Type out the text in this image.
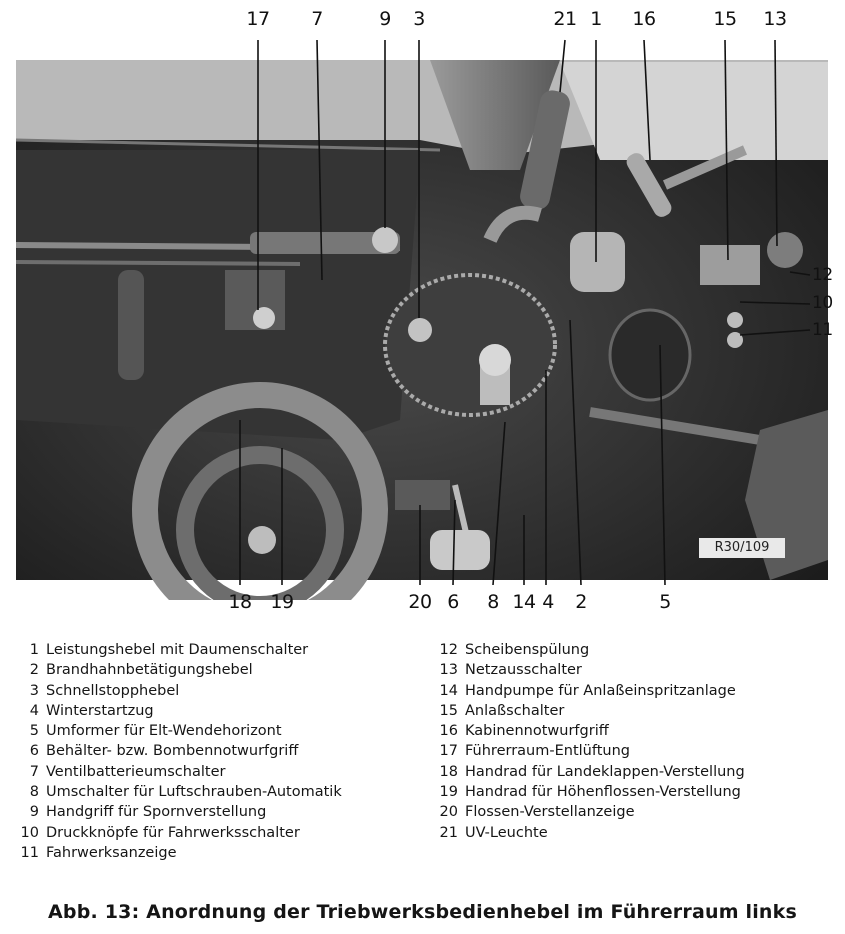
R30/109
17 7	9 3	21 1 16	15 13
12
10
11
18 19	20 6 8 14 4 2	5
1 Leistungshebel mit Daumenschalter
2 Brandhahnbetätigungshebel
3 Schnellstopphebel
4 Winterstartzug
5 Umformer für Elt-Wendehorizont
6 Behälter- bzw. Bombennotwurfgriff
7 Ventilbatterieumschalter
8 Umschalter für Luftschrauben-Automatik
9 Handgriff für Spornverstellung
10 Druckknöpfe für Fahrwerksschalter
11 Fahrwerksanzeige
12 Scheibenspülung
13 Netzausschalter
14 Handpumpe für Anlaßeinspritzanlage
15 Anlaßschalter
16 Kabinennotwurfgriff
17 Führerraum-Entlüftung
18 Handrad für Landeklappen-Verstellung
19 Handrad für Höhenflossen-Verstellung
20 Flossen-Verstellanzeige
21 UV-Leuchte
Abb. 13: Anordnung der Triebwerksbedienhebel im Führerraum links
